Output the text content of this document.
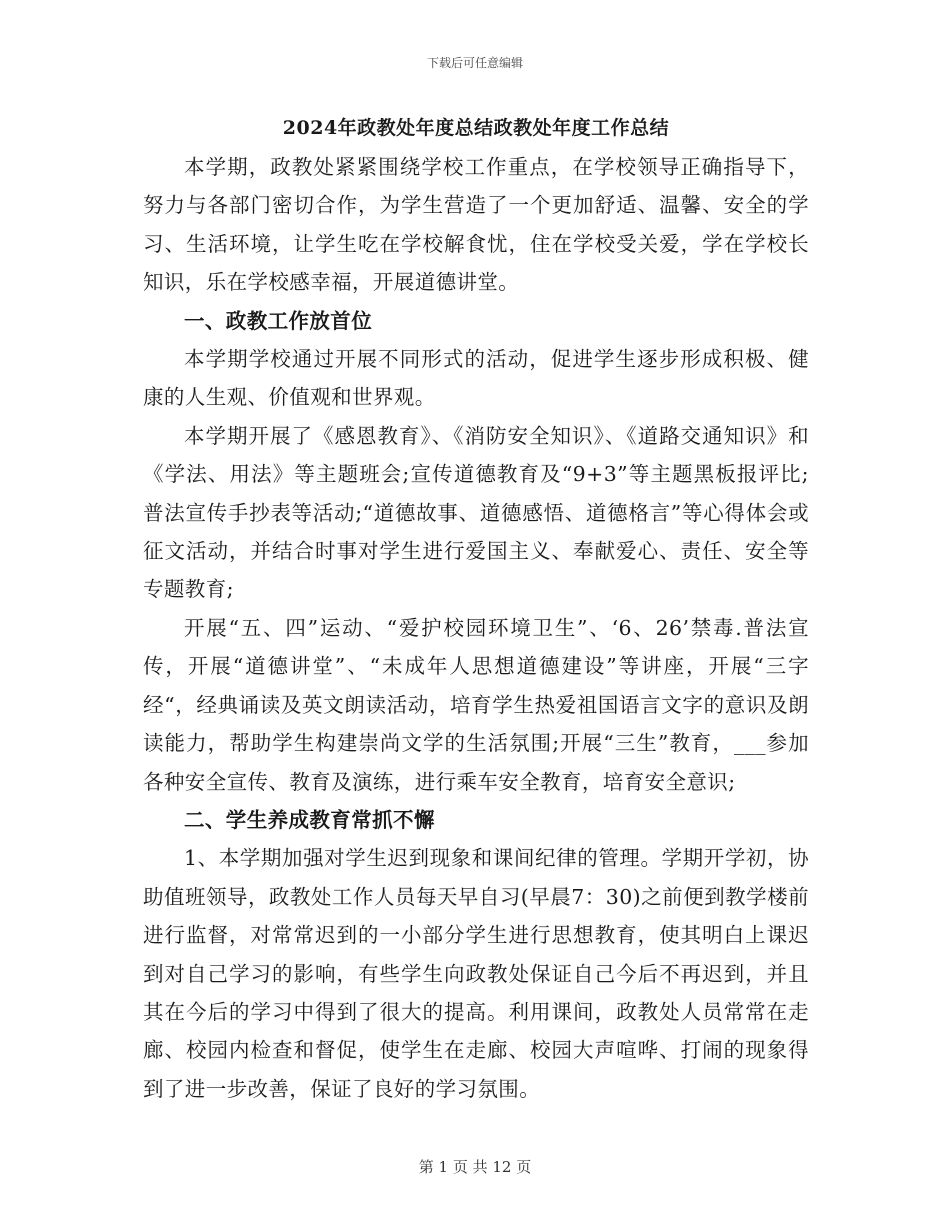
下载后可任意编辑
2024年政教处年度总结政教处年度工作总结

本学期，政教处紧紧围绕学校工作重点，在学校领导正确指导下，努力与各部门密切合作，为学生营造了一个更加舒适、温馨、安全的学习、生活环境，让学生吃在学校解食忧，住在学校受关爱，学在学校长知识，乐在学校感幸福，开展道德讲堂。

一、政教工作放首位

本学期学校通过开展不同形式的活动，促进学生逐步形成积极、健康的人生观、价值观和世界观。

本学期开展了《感恩教育》、《消防安全知识》、《道路交通知识》和《学法、用法》等主题班会;宣传道德教育及“9+3”等主题黑板报评比;普法宣传手抄表等活动;“道德故事、道德感悟、道德格言”等心得体会或征文活动，并结合时事对学生进行爱国主义、奉献爱心、责任、安全等专题教育;

开展“五、四”运动、“爱护校园环境卫生”、‘6、26’禁毒.普法宣传，开展“道德讲堂”、“未成年人思想道德建设”等讲座，开展“三字经“，经典诵读及英文朗读活动，培育学生热爱祖国语言文字的意识及朗读能力，帮助学生构建崇尚文学的生活氛围;开展“三生”教育，___参加各种安全宣传、教育及演练，进行乘车安全教育，培育安全意识;

二、学生养成教育常抓不懈

1、本学期加强对学生迟到现象和课间纪律的管理。学期开学初，协助值班领导，政教处工作人员每天早自习(早晨7：30)之前便到教学楼前进行监督，对常常迟到的一小部分学生进行思想教育，使其明白上课迟到对自己学习的影响，有些学生向政教处保证自己今后不再迟到，并且其在今后的学习中得到了很大的提高。利用课间，政教处人员常常在走廊、校园内检查和督促，使学生在走廊、校园大声喧哗、打闹的现象得到了进一步改善，保证了良好的学习氛围。

第 1 页 共 12 页
